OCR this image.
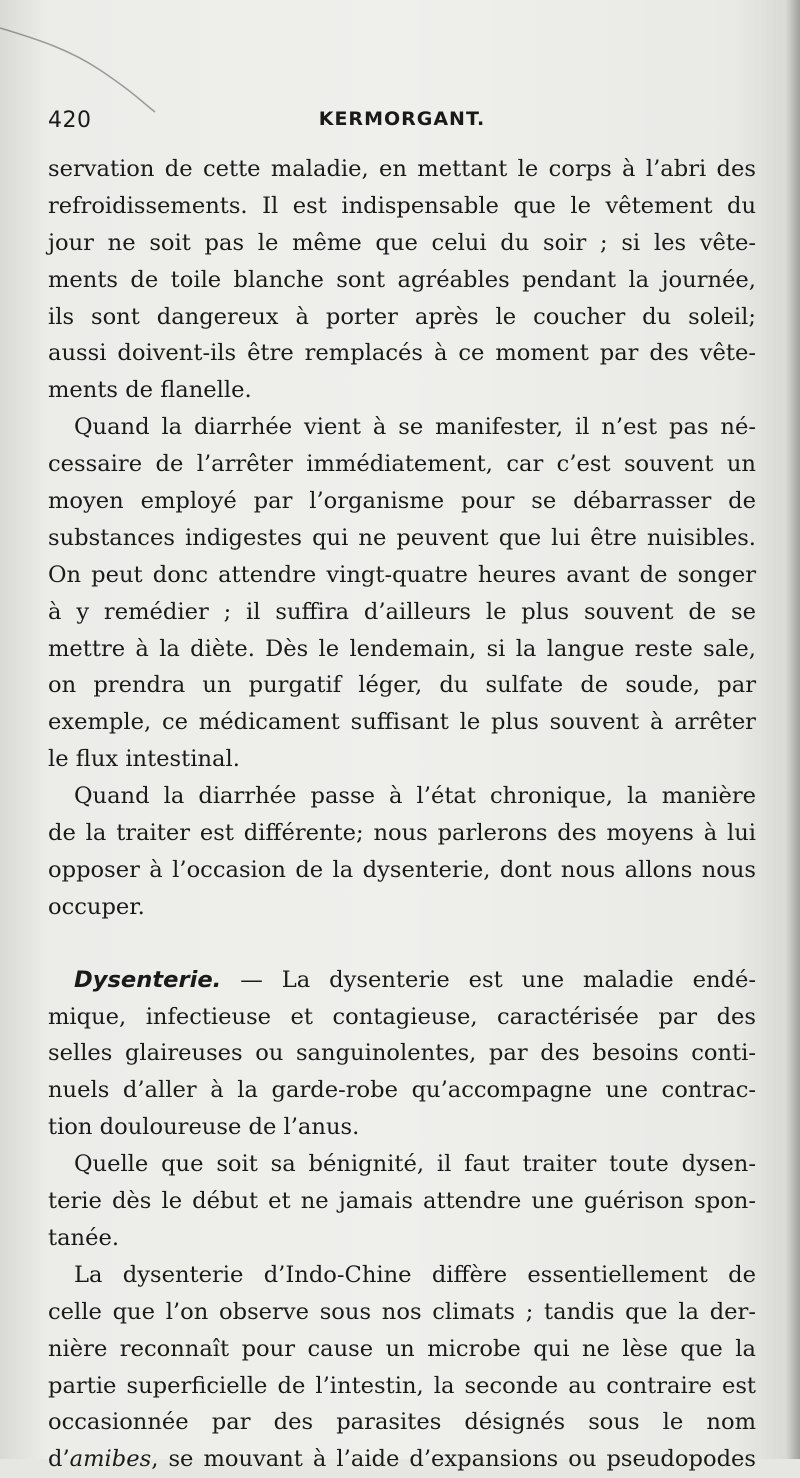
420	KERMORGANT.
servation de cette maladie, en mettant le corps à l’abri des
refroidissements. Il est indispensable que le vêtement du
jour ne soit pas le même que celui du soir ; si les vête-
ments de toile blanche sont agréables pendant la journée,
ils sont dangereux à porter après le coucher du soleil;
aussi doivent-ils être remplacés à ce moment par des vête-
ments de flanelle.
Quand la diarrhée vient à se manifester, il n’est pas né-
cessaire de l’arrêter immédiatement, car c’est souvent un
moyen employé par l’organisme pour se débarrasser de
substances indigestes qui ne peuvent que lui être nuisibles.
On peut donc attendre vingt-quatre heures avant de songer
à y remédier ; il suffira d’ailleurs le plus souvent de se
mettre à la diète. Dès le lendemain, si la langue reste sale,
on prendra un purgatif léger, du sulfate de soude, par
exemple, ce médicament suffisant le plus souvent à arrêter
le flux intestinal.
Quand la diarrhée passe à l’état chronique, la manière
de la traiter est différente; nous parlerons des moyens à lui
opposer à l’occasion de la dysenterie, dont nous allons nous
occuper.
Dysenterie. — La dysenterie est une maladie endé-
mique, infectieuse et contagieuse, caractérisée par des
selles glaireuses ou sanguinolentes, par des besoins conti-
nuels d’aller à la garde-robe qu’accompagne une contrac-
tion douloureuse de l’anus.
Quelle que soit sa bénignité, il faut traiter toute dysen-
terie dès le début et ne jamais attendre une guérison spon-
tanée.
La dysenterie d’Indo-Chine diffère essentiellement de
celle que l’on observe sous nos climats ; tandis que la der-
nière reconnaît pour cause un microbe qui ne lèse que la
partie superficielle de l’intestin, la seconde au contraire est
occasionnée par des parasites désignés sous le nom
d’amibes, se mouvant à l’aide d’expansions ou pseudopodes
